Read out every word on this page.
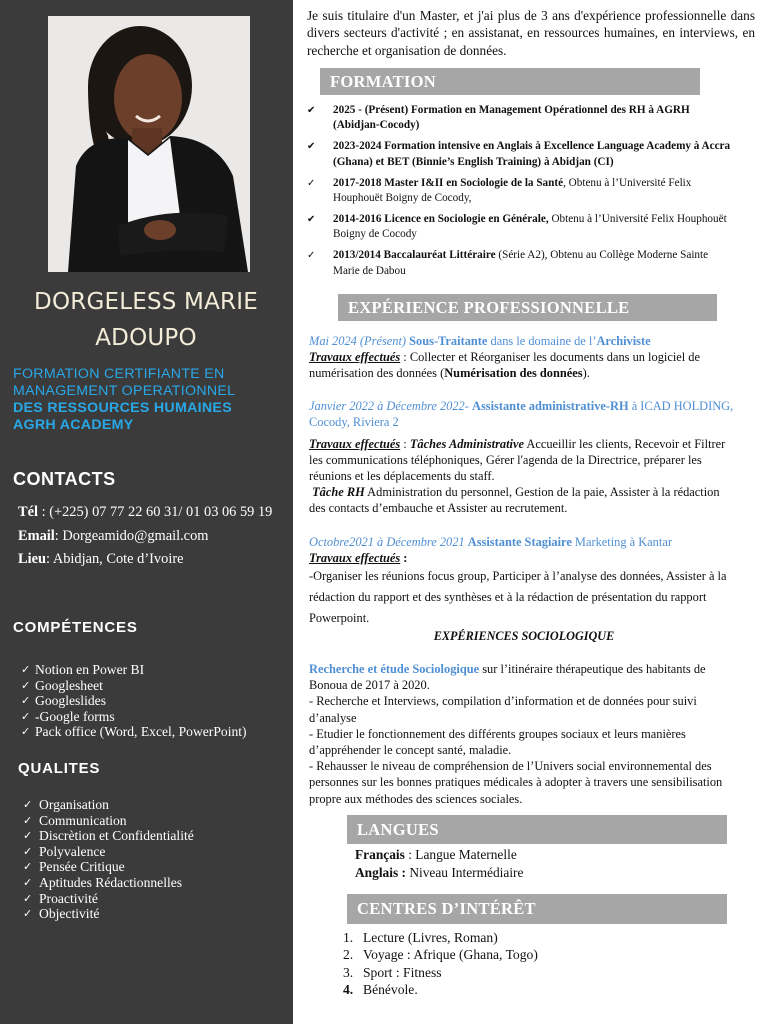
DORGELESS MARIE
ADOUPO
FORMATION CERTIFIANTE EN
MANAGEMENT OPERATIONNEL
DES RESSOURCES HUMAINES
AGRH ACADEMY
CONTACTS
Tél : (+225) 07 77 22 60 31/ 01 03 06 59 19
Email: Dorgeamido@gmail.com
Lieu: Abidjan, Cote d’Ivoire
COMPÉTENCES
✓ Notion en Power BI
✓ Googlesheet
✓ Googleslides
✓ -Google forms
✓ Pack office (Word, Excel, PowerPoint)
QUALITES
✓ Organisation
✓ Communication
✓ Discrètion et Confidentialité
✓ Polyvalence
✓ Pensée Critique
✓ Aptitudes Rédactionnelles
✓ Proactivité
✓ Objectivité

Je suis titulaire d'un Master, et j'ai plus de 3 ans d'expérience professionnelle dans divers secteurs d'activité ; en assistanat, en ressources humaines, en interviews, en recherche et organisation de données.

FORMATION
✔	2025 - (Présent) Formation en Management Opérationnel des RH à AGRH (Abidjan-Cocody)
✔	2023-2024 Formation intensive en Anglais à Excellence Language Academy à Accra (Ghana) et BET (Binnie’s English Training) à Abidjan (CI)
✓	2017-2018 Master I&II en Sociologie de la Santé, Obtenu à l’Université Felix Houphouët Boigny de Cocody,
✔	2014-2016 Licence en Sociologie en Générale, Obtenu à l’Université Felix Houphouët Boigny de Cocody
✓	2013/2014 Baccalauréat Littéraire (Série A2), Obtenu au Collège Moderne Sainte Marie de Dabou
EXPÉRIENCE PROFESSIONNELLE
Mai 2024 (Présent) Sous-Traitante dans le domaine de l’Archiviste
Travaux effectués : Collecter et Réorganiser les documents dans un logiciel de numérisation des données (Numérisation des données).
Janvier 2022 à Décembre 2022- Assistante administrative-RH à ICAD HOLDING, Cocody, Riviera 2
Travaux effectués : Tâches Administrative Accueillir les clients, Recevoir et Filtrer les communications téléphoniques, Gérer l'agenda de la Directrice, préparer les réunions et les déplacements du staff.
Tâche RH Administration du personnel, Gestion de la paie, Assister à la rédaction des contacts d’embauche et Assister au recrutement.
Octobre2021 à Décembre 2021 Assistante Stagiaire Marketing à Kantar
Travaux effectués :
-Organiser les réunions focus group, Participer à l’analyse des données, Assister à la rédaction du rapport et des synthèses et à la rédaction de présentation du rapport Powerpoint.
EXPÉRIENCES SOCIOLOGIQUE
Recherche et étude Sociologique sur l’itinéraire thérapeutique des habitants de Bonoua de 2017 à 2020.
- Recherche et Interviews, compilation d’information et de données pour suivi d’analyse
- Etudier le fonctionnement des différents groupes sociaux et leurs manières d’appréhender le concept santé, maladie.
- Rehausser le niveau de compréhension de l’Univers social environnemental des personnes sur les bonnes pratiques médicales à adopter à travers une sensibilisation propre aux méthodes des sciences sociales.
LANGUES
Français : Langue Maternelle
Anglais : Niveau Intermédiaire
CENTRES D’INTÉRÊT
1. Lecture (Livres, Roman)
2. Voyage : Afrique (Ghana, Togo)
3. Sport : Fitness
4. Bénévole.
